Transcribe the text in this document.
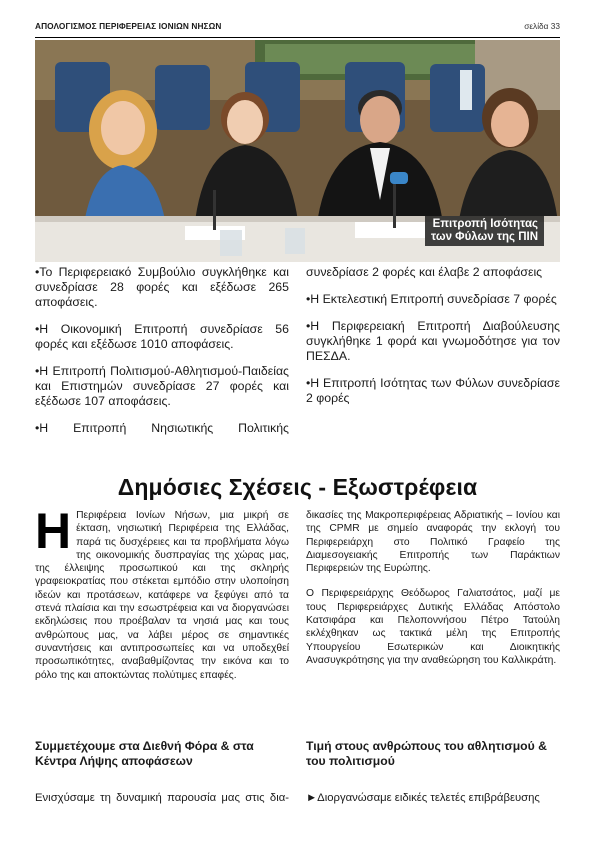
ΑΠΟΛΟΓΙΣΜΟΣ ΠΕΡΙΦΕΡΕΙΑΣ ΙΟΝΙΩΝ ΝΗΣΩΝ	σελίδα 33
Επιτροπή Ισότητας
των Φύλων της ΠΙΝ

•Το Περιφερειακό Συμβούλιο συγκλήθηκε και συνεδρίασε 28 φορές και εξέδωσε 265 αποφάσεις.

•Η Οικονομική Επιτροπή συνεδρίασε 56 φορές και εξέδωσε 1010 αποφάσεις.

•Η Επιτροπή Πολιτισμού-Αθλητισμού-Παιδείας και Επιστημών συνεδρίασε 27 φορές και εξέδωσε 107 αποφάσεις.

•Η Επιτροπή Νησιωτικής Πολιτικής

συνεδρίασε 2 φορές και έλαβε 2 αποφάσεις

•Η Εκτελεστική Επιτροπή συνεδρίασε 7 φορές

•Η Περιφερειακή Επιτροπή Διαβούλευσης συγκλήθηκε 1 φορά και γνωμοδότησε για τον ΠΕΣΔΑ.

•Η Επιτροπή Ισότητας των Φύλων συνεδρίασε 2 φορές

Δημόσιες Σχέσεις - Εξωστρέφεια

Η Περιφέρεια Ιονίων Νήσων, μια μικρή σε έκταση, νησιωτική Περιφέρεια της Ελλάδας, παρά τις δυσχέρειες και τα προβλήματα λόγω της οικονομικής δυσπραγίας της χώρας μας, της έλλειψης προσωπικού και της σκληρής γραφειοκρατίας που στέκεται εμπόδιο στην υλοποίηση ιδεών και προτάσεων, κατάφερε να ξεφύγει από τα στενά πλαίσια και την εσωστρέφεια και να διοργανώσει εκδηλώσεις που προέβαλαν τα νησιά μας και τους ανθρώπους μας, να λάβει μέρος σε σημαντικές συναντήσεις και αντιπροσωπείες και να υποδεχθεί προσωπικότητες, αναβαθμίζοντας την εικόνα και το ρόλο της και αποκτώντας πολύτιμες επαφές.

δικασίες της Μακροπεριφέρειας Αδριατικής – Ιονίου και της CPMR με σημείο αναφοράς την εκλογή του Περιφερειάρχη στο Πολιτικό Γραφείο της Διαμεσογειακής Επιτροπής των Παράκτιων Περιφερειών της Ευρώπης.

Ο Περιφερειάρχης Θεόδωρος Γαλιατσάτος, μαζί με τους Περιφερειάρχες Δυτικής Ελλάδας Απόστολο Κατσιφάρα και Πελοποννήσου Πέτρο Τατούλη εκλέχθηκαν ως τακτικά μέλη της Επιτροπής Υπουργείου Εσωτερικών και Διοικητικής Ανασυγκρότησης για την αναθεώρηση του Καλλικράτη.

Συμμετέχουμε στα Διεθνή Φόρα & στα Κέντρα Λήψης αποφάσεων
Τιμή στους ανθρώπους του αθλητισμού & του πολιτισμού
Ενισχύσαμε τη δυναμική παρουσία μας στις δια- ►Διοργανώσαμε ειδικές τελετές επιβράβευσης
